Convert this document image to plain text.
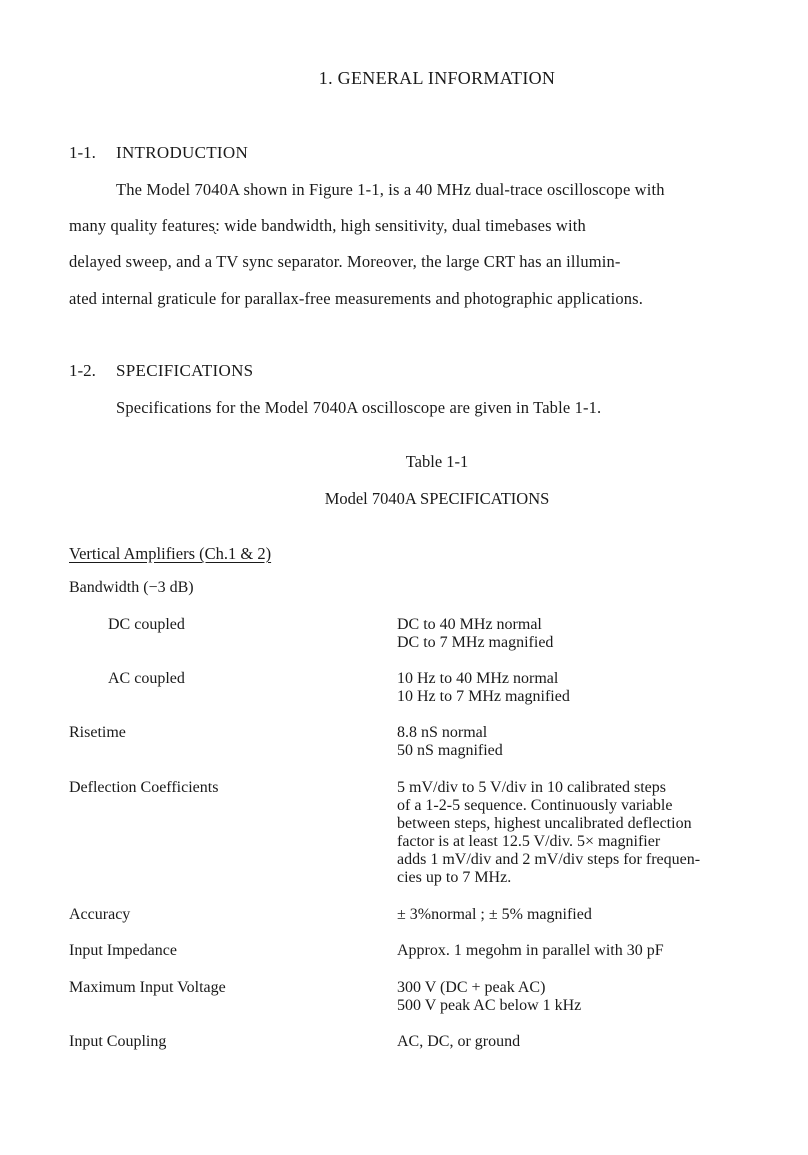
1. GENERAL INFORMATION
1-1. INTRODUCTION
The Model 7040A shown in Figure 1-1, is a 40 MHz dual-trace oscilloscope with
many quality features֖: wide bandwidth, high sensitivity, dual timebases with
delayed sweep, and a TV sync separator. Moreover, the large CRT has an illumin-
ated internal graticule for parallax-free measurements and photographic applications.
1-2. SPECIFICATIONS
Specifications for the Model 7040A oscilloscope are given in Table 1-1.
Table 1-1
Model 7040A SPECIFICATIONS
Vertical Amplifiers (Ch.1 & 2)
Bandwidth (−3 dB)
DC coupled	DC to 40 MHz normal
DC to 7 MHz magnified
AC coupled	10 Hz to 40 MHz normal
10 Hz to 7 MHz magnified
Risetime	8.8 nS normal
50 nS magnified
Deflection Coefficients	5 mV/div to 5 V/div in 10 calibrated steps
of a 1-2-5 sequence. Continuously variable
between steps, highest uncalibrated deflection
factor is at least 12.5 V/div. 5× magnifier
adds 1 mV/div and 2 mV/div steps for frequen-
cies up to 7 MHz.
Accuracy	± 3%normal ; ± 5% magnified
Input Impedance	Approx. 1 megohm in parallel with 30 pF
Maximum Input Voltage	300 V (DC + peak AC)
500 V peak AC below 1 kHz
Input Coupling	AC, DC, or ground
